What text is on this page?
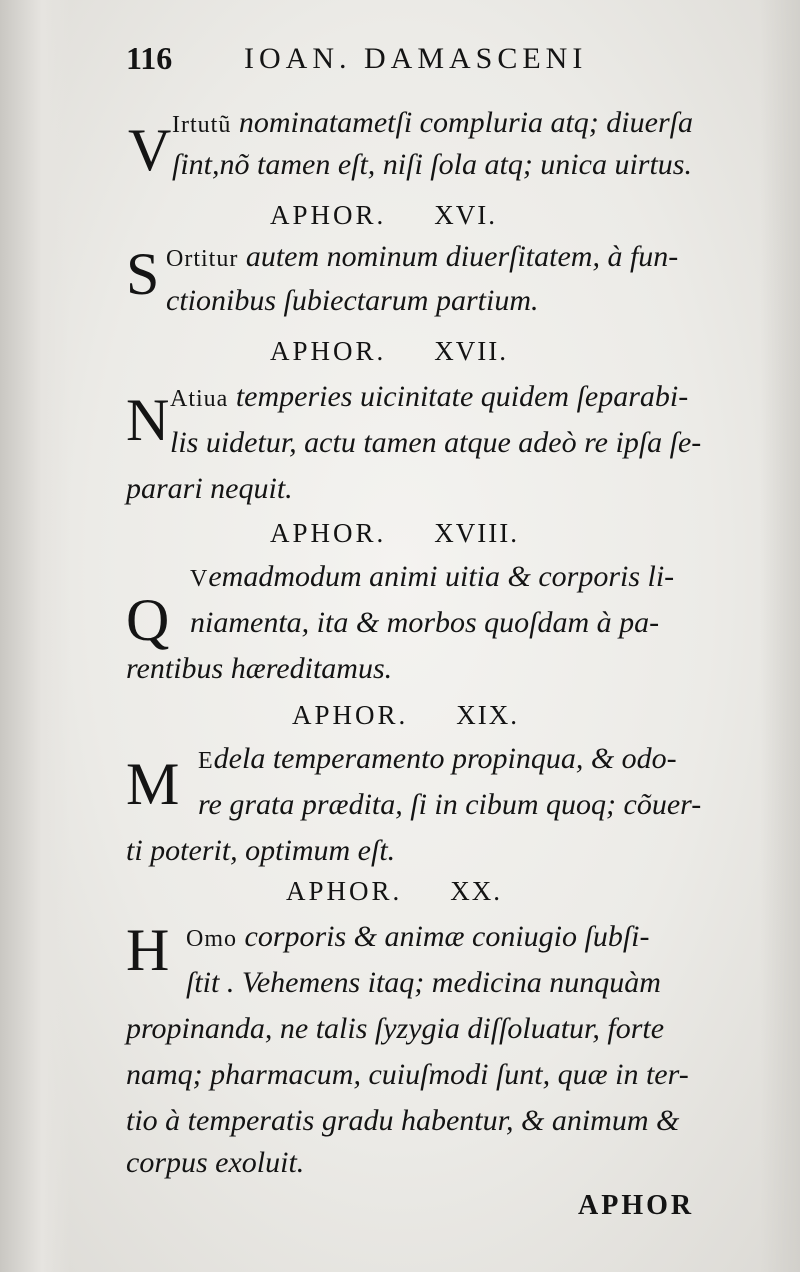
116 IOAN. DAMASCENI
V Irtutũ nominatametſi compluria atq; diuerſa
ſint,nõ tamen eſt, niſi ſola atq; unica uirtus.
APHOR. XVI.
S Ortitur autem nominum diuerſitatem, à fun-
ctionibus ſubiectarum partium.
APHOR. XVII.
N Atiua temperies uicinitate quidem ſeparabi-
lis uidetur, actu tamen atque adeò re ipſa ſe-
parari nequit.
APHOR. XVIII.
Q
Vemadmodum animi uitia & corporis li-
niamenta, ita & morbos quoſdam à pa-
rentibus hæreditamus.
APHOR. XIX.
M Edela temperamento propinqua, & odo-
re grata prædita, ſi in cibum quoq; cõuer-
ti poterit, optimum eſt.
APHOR. XX.
H Omo corporis & animæ coniugio ſubſi-
ſtit . Vehemens itaq; medicina nunquàm
propinanda, ne talis ſyzygia diſſoluatur, forte
namq; pharmacum, cuiuſmodi ſunt, quæ in ter-
tio à temperatis gradu habentur, & animum &
corpus exoluit.
APHOR
